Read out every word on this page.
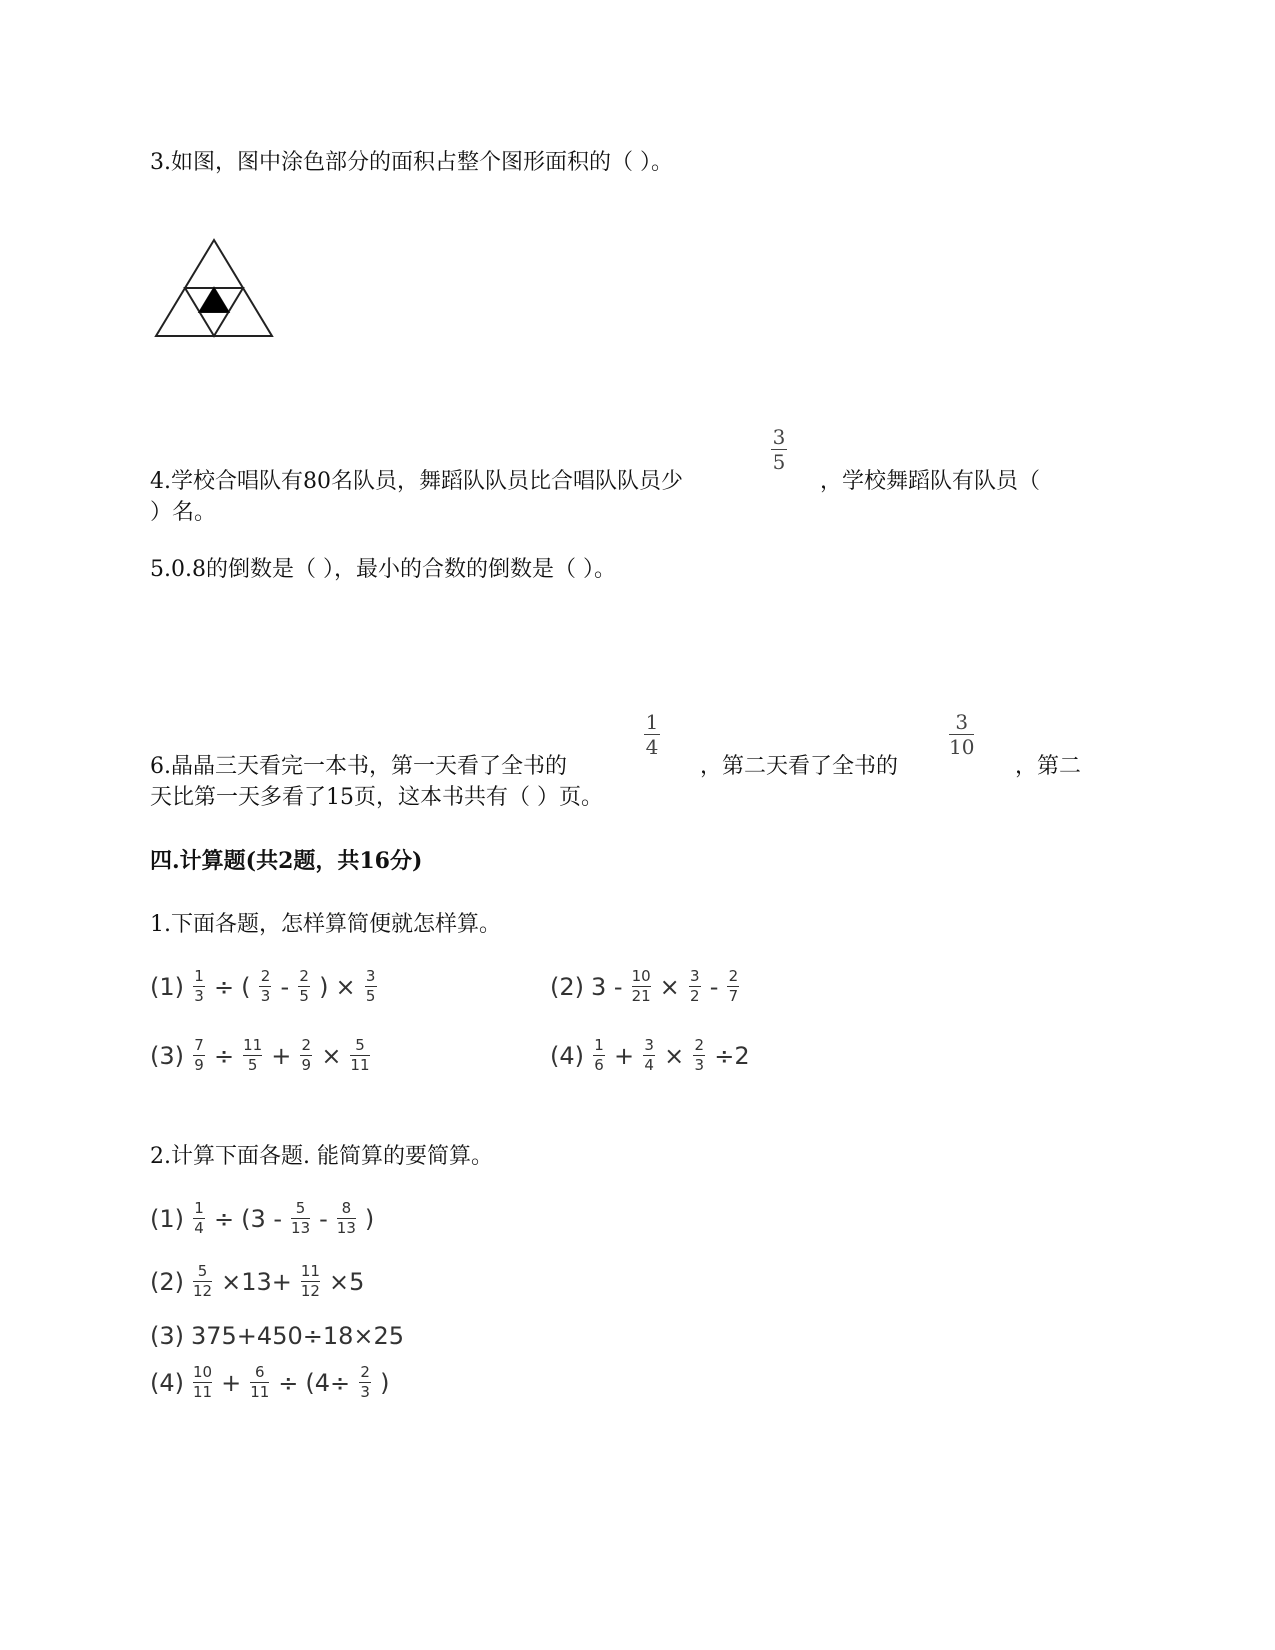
3.如图，图中涂色部分的面积占整个图形面积的（ ）。
3
5
4.学校合唱队有80名队员，舞蹈队队员比合唱队队员少	，学校舞蹈队有队员（
）名。
5.0.8的倒数是（ ），最小的合数的倒数是（ ）。
1
4
3
10
6.晶晶三天看完一本书，第一天看了全书的	，第二天看了全书的	，第二
天比第一天多看了15页，这本书共有（ ）页。
四.计算题(共2题，共16分)
1.下面各题，怎样算简便就怎样算。
(1) 1
3 ÷ ( 2
3 - 2
5 ) × 3
5	(2) 3 - 10
21 × 3
2 - 2
7
(3) 7
9 ÷ 11
5 + 2
9 × 5
11	(4) 1
6 + 3
4 × 2
3 ÷2
2.计算下面各题. 能简算的要简算。
(1) 1
4 ÷ (3 - 5
13 - 8
13 )
(2) 5
12 ×13+ 11
12 ×5
(3) 375+450÷18×25
(4) 10
11 + 6
11 ÷ (4÷ 2
3 )
